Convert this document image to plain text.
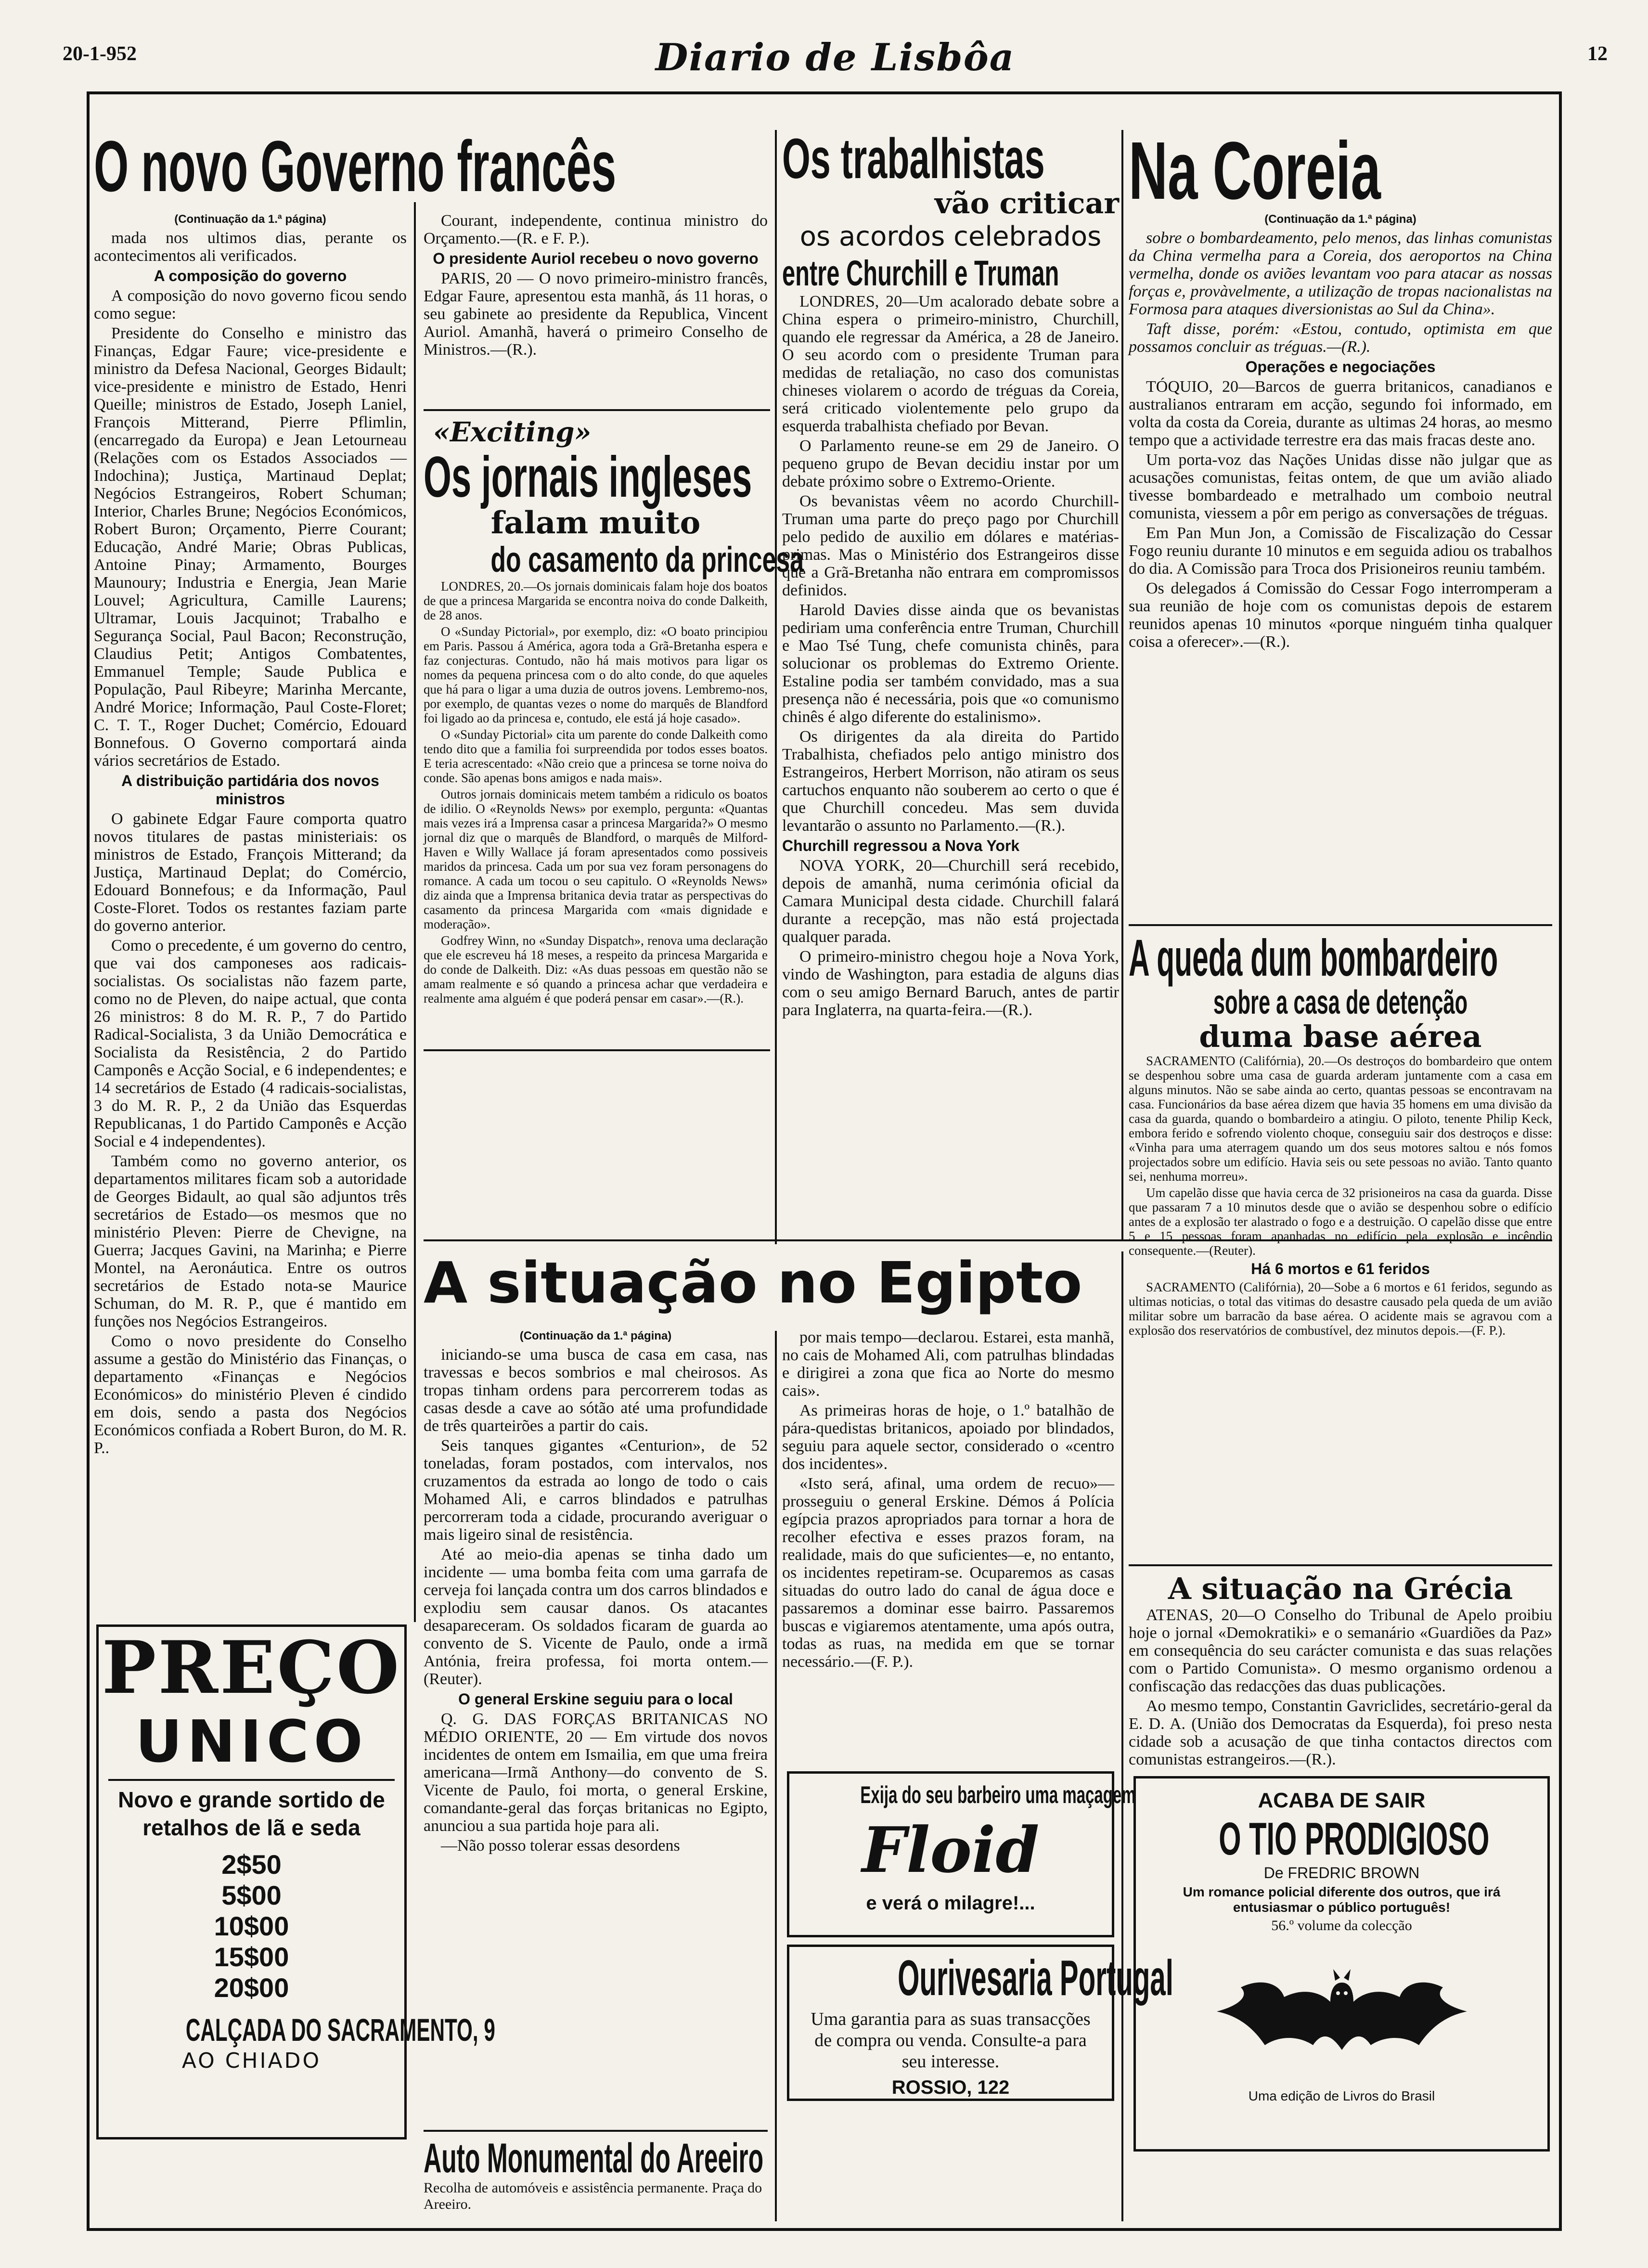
20-1-952	Diario de Lisbôa	12
O novo Governo francês
(Continuação da 1.ª página)

mada nos ultimos dias, perante os acontecimentos ali verificados.

A composição do governo

A composição do novo governo ficou sendo como segue:

Presidente do Conselho e ministro das Finanças, Edgar Faure; vice-presidente e ministro da Defesa Nacional, Georges Bidault; vice-presidente e ministro de Estado, Henri Queille; ministros de Estado, Joseph Laniel, François Mitterand, Pierre Pflimlin, (encarregado da Europa) e Jean Letourneau (Relações com os Estados Associados —Indochina); Justiça, Martinaud Deplat; Negócios Estrangeiros, Robert Schuman; Interior, Charles Brune; Negócios Económicos, Robert Buron; Orçamento, Pierre Courant; Educação, André Marie; Obras Publicas, Antoine Pinay; Armamento, Bourges Maunoury; Industria e Energia, Jean Marie Louvel; Agricultura, Camille Laurens; Ultramar, Louis Jacquinot; Trabalho e Segurança Social, Paul Bacon; Reconstrução, Claudius Petit; Antigos Combatentes, Emmanuel Temple; Saude Publica e População, Paul Ribeyre; Marinha Mercante, André Morice; Informação, Paul Coste-Floret; C. T. T., Roger Duchet; Comércio, Edouard Bonnefous. O Governo comportará ainda vários secretários de Estado.

A distribuição partidária dos novos ministros

O gabinete Edgar Faure comporta quatro novos titulares de pastas ministeriais: os ministros de Estado, François Mitterand; da Justiça, Martinaud Deplat; do Comércio, Edouard Bonnefous; e da Informação, Paul Coste-Floret. Todos os restantes faziam parte do governo anterior.

Como o precedente, é um governo do centro, que vai dos camponeses aos radicais-socialistas. Os socialistas não fazem parte, como no de Pleven, do naipe actual, que conta 26 ministros: 8 do M. R. P., 7 do Partido Radical-Socialista, 3 da União Democrática e Socialista da Resistência, 2 do Partido Camponês e Acção Social, e 6 independentes; e 14 secretários de Estado (4 radicais-socialistas, 3 do M. R. P., 2 da União das Esquerdas Republicanas, 1 do Partido Camponês e Acção Social e 4 independentes).

Também como no governo anterior, os departamentos militares ficam sob a autoridade de Georges Bidault, ao qual são adjuntos três secretários de Estado—os mesmos que no ministério Pleven: Pierre de Chevigne, na Guerra; Jacques Gavini, na Marinha; e Pierre Montel, na Aeronáutica. Entre os outros secretários de Estado nota-se Maurice Schuman, do M. R. P., que é mantido em funções nos Negócios Estrangeiros.

Como o novo presidente do Conselho assume a gestão do Ministério das Finanças, o departamento «Finanças e Negócios Económicos» do ministério Pleven é cindido em dois, sendo a pasta dos Negócios Económicos confiada a Robert Buron, do M. R. P..

Courant, independente, continua ministro do Orçamento.—(R. e F. P.).

O presidente Auriol recebeu o novo governo

PARIS, 20 — O novo primeiro-ministro francês, Edgar Faure, apresentou esta manhã, ás 11 horas, o seu gabinete ao presidente da Republica, Vincent Auriol. Amanhã, haverá o primeiro Conselho de Ministros.—(R.).

«Exciting»
Os jornais ingleses
falam muito
do casamento da princesa

LONDRES, 20.—Os jornais dominicais falam hoje dos boatos de que a princesa Margarida se encontra noiva do conde Dalkeith, de 28 anos.

O «Sunday Pictorial», por exemplo, diz: «O boato principiou em Paris. Passou á América, agora toda a Grã-Bretanha espera e faz conjecturas. Contudo, não há mais motivos para ligar os nomes da pequena princesa com o do alto conde, do que aqueles que há para o ligar a uma duzia de outros jovens. Lembremo-nos, por exemplo, de quantas vezes o nome do marquês de Blandford foi ligado ao da princesa e, contudo, ele está já hoje casado».

O «Sunday Pictorial» cita um parente do conde Dalkeith como tendo dito que a familia foi surpreendida por todos esses boatos. E teria acrescentado: «Não creio que a princesa se torne noiva do conde. São apenas bons amigos e nada mais».

Outros jornais dominicais metem também a ridiculo os boatos de idilio. O «Reynolds News» por exemplo, pergunta: «Quantas mais vezes irá a Imprensa casar a princesa Margarida?» O mesmo jornal diz que o marquês de Blandford, o marquês de Milford-Haven e Willy Wallace já foram apresentados como possiveis maridos da princesa. Cada um por sua vez foram personagens do romance. A cada um tocou o seu capitulo. O «Reynolds News» diz ainda que a Imprensa britanica devia tratar as perspectivas do casamento da princesa Margarida com «mais dignidade e moderação».

Godfrey Winn, no «Sunday Dispatch», renova uma declaração que ele escreveu há 18 meses, a respeito da princesa Margarida e do conde de Dalkeith. Diz: «As duas pessoas em questão não se amam realmente e só quando a princesa achar que verdadeira e realmente ama alguém é que poderá pensar em casar».—(R.).

Os trabalhistas
vão criticar
os acordos celebrados
entre Churchill e Truman

LONDRES, 20—Um acalorado debate sobre a China espera o primeiro-ministro, Churchill, quando ele regressar da América, a 28 de Janeiro. O seu acordo com o presidente Truman para medidas de retaliação, no caso dos comunistas chineses violarem o acordo de tréguas da Coreia, será criticado violentemente pelo grupo da esquerda trabalhista chefiado por Bevan.

O Parlamento reune-se em 29 de Janeiro. O pequeno grupo de Bevan decidiu instar por um debate próximo sobre o Extremo-Oriente.

Os bevanistas vêem no acordo Churchill-Truman uma parte do preço pago por Churchill pelo pedido de auxilio em dólares e matérias-primas. Mas o Ministério dos Estrangeiros disse que a Grã-Bretanha não entrara em compromissos definidos.

Harold Davies disse ainda que os bevanistas pediriam uma conferência entre Truman, Churchill e Mao Tsé Tung, chefe comunista chinês, para solucionar os problemas do Extremo Oriente. Estaline podia ser também convidado, mas a sua presença não é necessária, pois que «o comunismo chinês é algo diferente do estalinismo».

Os dirigentes da ala direita do Partido Trabalhista, chefiados pelo antigo ministro dos Estrangeiros, Herbert Morrison, não atiram os seus cartuchos enquanto não souberem ao certo o que é que Churchill concedeu. Mas sem duvida levantarão o assunto no Parlamento.—(R.).

Churchill regressou a Nova York

NOVA YORK, 20—Churchill será recebido, depois de amanhã, numa cerimónia oficial da Camara Municipal desta cidade. Churchill falará durante a recepção, mas não está projectada qualquer parada.

O primeiro-ministro chegou hoje a Nova York, vindo de Washington, para estadia de alguns dias com o seu amigo Bernard Baruch, antes de partir para Inglaterra, na quarta-feira.—(R.).

Na Coreia
(Continuação da 1.ª página)

sobre o bombardeamento, pelo menos, das linhas comunistas da China vermelha para a Coreia, dos aeroportos na China vermelha, donde os aviões levantam voo para atacar as nossas forças e, provàvelmente, a utilização de tropas nacionalistas na Formosa para ataques diversionistas ao Sul da China».

Taft disse, porém: «Estou, contudo, optimista em que possamos concluir as tréguas.—(R.).

Operações e negociações

TÓQUIO, 20—Barcos de guerra britanicos, canadianos e australianos entraram em acção, segundo foi informado, em volta da costa da Coreia, durante as ultimas 24 horas, ao mesmo tempo que a actividade terrestre era das mais fracas deste ano.

Um porta-voz das Nações Unidas disse não julgar que as acusações comunistas, feitas ontem, de que um avião aliado tivesse bombardeado e metralhado um comboio neutral comunista, viessem a pôr em perigo as conversações de tréguas.

Em Pan Mun Jon, a Comissão de Fiscalização do Cessar Fogo reuniu durante 10 minutos e em seguida adiou os trabalhos do dia. A Comissão para Troca dos Prisioneiros reuniu também.

Os delegados á Comissão do Cessar Fogo interromperam a sua reunião de hoje com os comunistas depois de estarem reunidos apenas 10 minutos «porque ninguém tinha qualquer coisa a oferecer».—(R.).

A queda dum bombardeiro
sobre a casa de detenção
duma base aérea

SACRAMENTO (Califórnia), 20.—Os destroços do bombardeiro que ontem se despenhou sobre uma casa de guarda arderam juntamente com a casa em alguns minutos. Não se sabe ainda ao certo, quantas pessoas se encontravam na casa. Funcionários da base aérea dizem que havia 35 homens em uma divisão da casa da guarda, quando o bombardeiro a atingiu. O piloto, tenente Philip Keck, embora ferido e sofrendo violento choque, conseguiu sair dos destroços e disse: «Vinha para uma aterragem quando um dos seus motores saltou e nós fomos projectados sobre um edifício. Havia seis ou sete pessoas no avião. Tanto quanto sei, nenhuma morreu».

Um capelão disse que havia cerca de 32 prisioneiros na casa da guarda. Disse que passaram 7 a 10 minutos desde que o avião se despenhou sobre o edifício antes de a explosão ter alastrado o fogo e a destruição. O capelão disse que entre 5 e 15 pessoas foram apanhadas no edifício pela explosão e incêndio consequente.—(Reuter).

Há 6 mortos e 61 feridos

SACRAMENTO (Califórnia), 20—Sobe a 6 mortos e 61 feridos, segundo as ultimas noticias, o total das vitimas do desastre causado pela queda de um avião militar sobre um barracão da base aérea. O acidente mais se agravou com a explosão dos reservatórios de combustível, dez minutos depois.—(F. P.).

A situação na Grécia

ATENAS, 20—O Conselho do Tribunal de Apelo proibiu hoje o jornal «Demokratiki» e o semanário «Guardiões da Paz» em consequência do seu carácter comunista e das suas relações com o Partido Comunista». O mesmo organismo ordenou a confiscação das redacções das duas publicações.

Ao mesmo tempo, Constantin Gavriclides, secretário-geral da E. D. A. (União dos Democratas da Esquerda), foi preso nesta cidade sob a acusação de que tinha contactos directos com comunistas estrangeiros.—(R.).

A situação no Egipto
(Continuação da 1.ª página)

iniciando-se uma busca de casa em casa, nas travessas e becos sombrios e mal cheirosos. As tropas tinham ordens para percorrerem todas as casas desde a cave ao sótão até uma profundidade de três quarteirões a partir do cais.

Seis tanques gigantes «Centurion», de 52 toneladas, foram postados, com intervalos, nos cruzamentos da estrada ao longo de todo o cais Mohamed Ali, e carros blindados e patrulhas percorreram toda a cidade, procurando averiguar o mais ligeiro sinal de resistência.

Até ao meio-dia apenas se tinha dado um incidente — uma bomba feita com uma garrafa de cerveja foi lançada contra um dos carros blindados e explodiu sem causar danos. Os atacantes desapareceram. Os soldados ficaram de guarda ao convento de S. Vicente de Paulo, onde a irmã Antónia, freira professa, foi morta ontem.—(Reuter).

O general Erskine seguiu para o local

Q. G. DAS FORÇAS BRITANICAS NO MÉDIO ORIENTE, 20 — Em virtude dos novos incidentes de ontem em Ismailia, em que uma freira americana—Irmã Anthony—do convento de S. Vicente de Paulo, foi morta, o general Erskine, comandante-geral das forças britanicas no Egipto, anunciou a sua partida hoje para ali.

—Não posso tolerar essas desordens

por mais tempo—declarou. Estarei, esta manhã, no cais de Mohamed Ali, com patrulhas blindadas e dirigirei a zona que fica ao Norte do mesmo cais».

As primeiras horas de hoje, o 1.º batalhão de pára-quedistas britanicos, apoiado por blindados, seguiu para aquele sector, considerado o «centro dos incidentes».

«Isto será, afinal, uma ordem de recuo»—prosseguiu o general Erskine. Démos á Polícia egípcia prazos apropriados para tornar a hora de recolher efectiva e esses prazos foram, na realidade, mais do que suficientes—e, no entanto, os incidentes repetiram-se. Ocuparemos as casas situadas do outro lado do canal de água doce e passaremos a dominar esse bairro. Passaremos buscas e vigiaremos atentamente, uma após outra, todas as ruas, na medida em que se tornar necessário.—(F. P.).

PREÇO
UNICO
Novo e grande sortido de retalhos de lã e seda
2$50
5$00
10$00
15$00
20$00
CALÇADA DO SACRAMENTO, 9
AO CHIADO
Exija do seu barbeiro uma maçagem
Floid
e verá o milagre!...
Ourivesaria Portugal
Uma garantia para as suas transacções de compra ou venda. Consulte-a para seu interesse.
ROSSIO, 122
Auto Monumental do Areeiro
Recolha de automóveis e assistência permanente. Praça do Areeiro.
ACABA DE SAIR
O TIO PRODIGIOSO
De FREDRIC BROWN
Um romance policial diferente dos outros, que irá entusiasmar o público português!
56.º volume da colecção
Uma edição de Livros do Brasil
